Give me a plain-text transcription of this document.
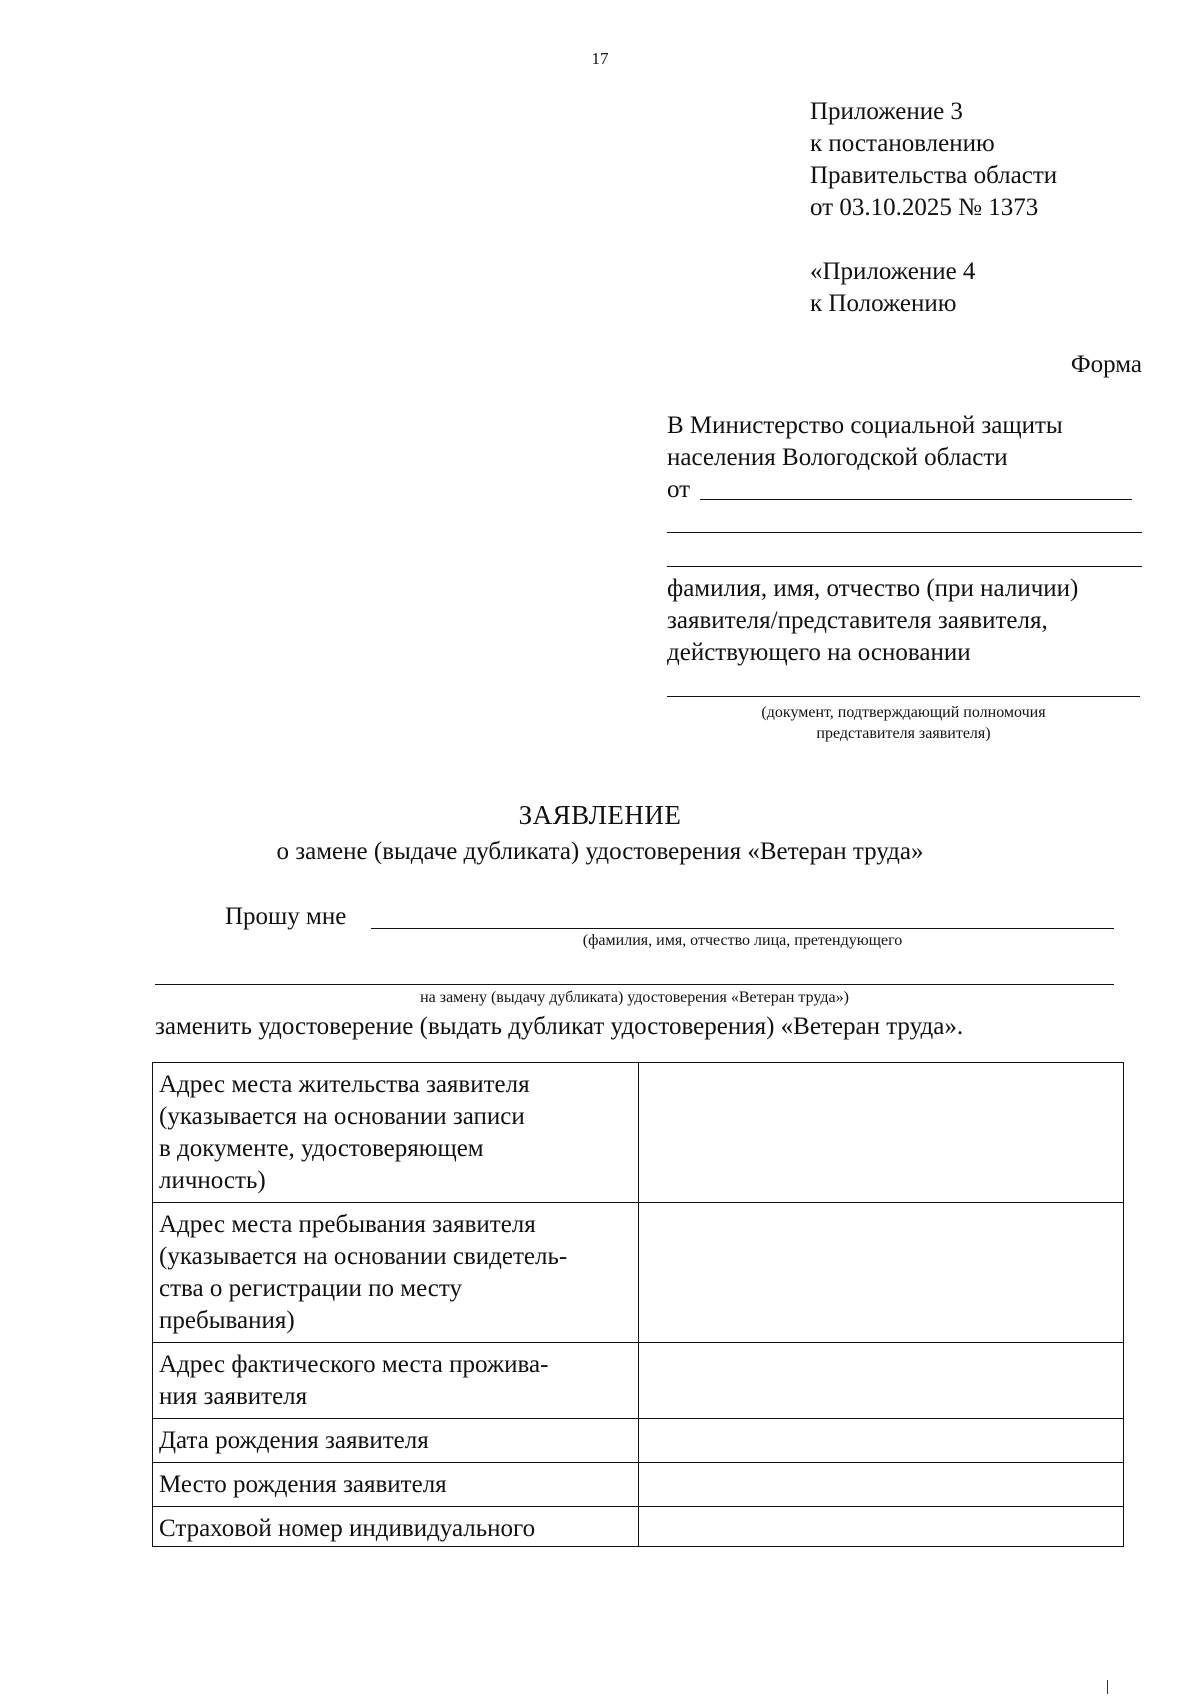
17
Приложение 3
к постановлению
Правительства области
от 03.10.2025 № 1373
«Приложение 4
к Положению
Форма
В Министерство социальной защиты
населения Вологодской области
от
фамилия, имя, отчество (при наличии)
заявителя/представителя заявителя,
действующего на основании
(документ, подтверждающий полномочия
представителя заявителя)
ЗАЯВЛЕНИЕ
о замене (выдаче дубликата) удостоверения «Ветеран труда»
Прошу мне
(фамилия, имя, отчество лица, претендующего
на замену (выдачу дубликата) удостоверения «Ветеран труда»)
заменить удостоверение (выдать дубликат удостоверения) «Ветеран труда».
Адрес места жительства заявителя
(указывается на основании записи
в документе, удостоверяющем
личность)	

Адрес места пребывания заявителя
(указывается на основании свидетель-
ства о регистрации по месту
пребывания)	

Адрес фактического места прожива-
ния заявителя	

Дата рождения заявителя	

Место рождения заявителя	

Страховой номер индивидуального	
